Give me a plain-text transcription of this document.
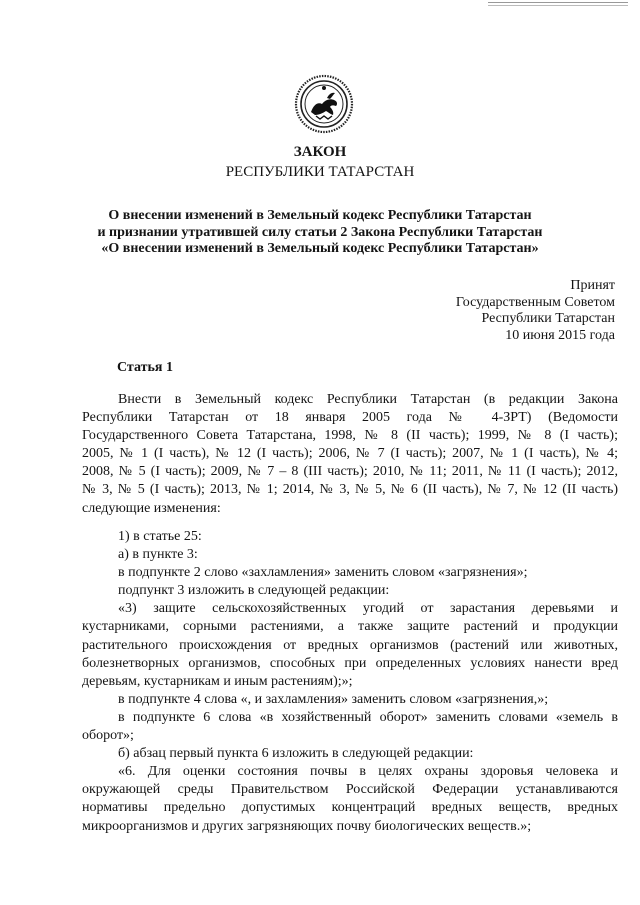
ЗАКОН
РЕСПУБЛИКИ ТАТАРСТАН
О внесении изменений в Земельный кодекс Республики Татарстан
и признании утратившей силу статьи 2 Закона Республики Татарстан
«О внесении изменений в Земельный кодекс Республики Татарстан»
Принят
Государственным Советом
Республики Татарстан
10 июня 2015 года
Статья 1
Внести в Земельный кодекс Республики Татарстан (в редакции Закона
Республики Татарстан от 18 января 2005 года № 4-ЗРТ) (Ведомости
Государственного Совета Татарстана, 1998, № 8 (II часть); 1999, № 8 (I часть);
2005, № 1 (I часть), № 12 (I часть); 2006, № 7 (I часть); 2007, № 1 (I часть), № 4;
2008, № 5 (I часть); 2009, № 7 – 8 (III часть); 2010, № 11; 2011, № 11 (I часть); 2012,
№ 3, № 5 (I часть); 2013, № 1; 2014, № 3, № 5, № 6 (II часть), № 7, № 12 (II часть)
следующие изменения:
1) в статье 25:
а) в пункте 3:
в подпункте 2 слово «захламления» заменить словом «загрязнения»;
подпункт 3 изложить в следующей редакции:
«3) защите сельскохозяйственных угодий от зарастания деревьями и
кустарниками, сорными растениями, а также защите растений и продукции
растительного происхождения от вредных организмов (растений или животных,
болезнетворных организмов, способных при определенных условиях нанести вред
деревьям, кустарникам и иным растениям);»;
в подпункте 4 слова «, и захламления» заменить словом «загрязнения,»;
в подпункте 6 слова «в хозяйственный оборот» заменить словами «земель в
оборот»;
б) абзац первый пункта 6 изложить в следующей редакции:
«6. Для оценки состояния почвы в целях охраны здоровья человека и
окружающей среды Правительством Российской Федерации устанавливаются
нормативы предельно допустимых концентраций вредных веществ, вредных
микроорганизмов и других загрязняющих почву биологических веществ.»;
